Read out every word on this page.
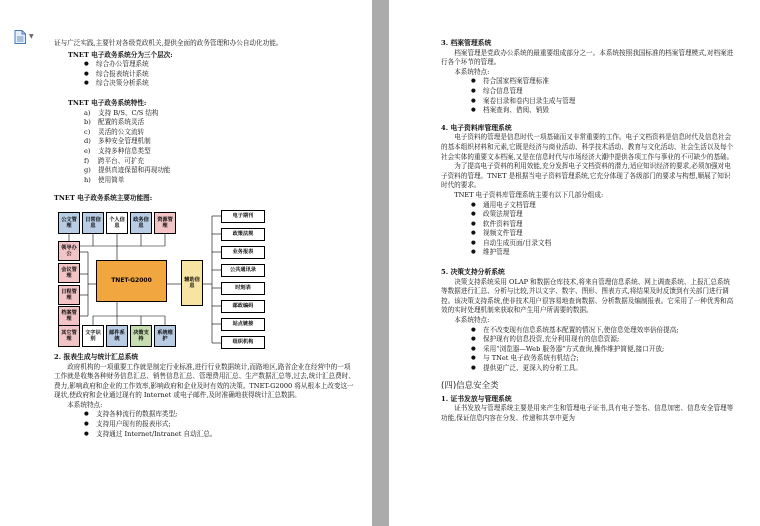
▼

证与广泛实践,主要针对各级党政机关,提供全面的政务管理和办公自动化功能。

TNET 电子政务系统分为三个层次:

● 综合办公管理系统
● 综合报表统计系统
● 综合决策分析系统

TNET 电子政务系统特性:

a) 支持 B/S、C/S 结构
b) 配置的系统灵活
c) 灵活的公文流转
d) 多种安全管理机制
e) 支持多种信息类型
f) 跨平台、可扩充
g) 提供真迹保留和再现功能
h) 使用简单

TNET 电子政务系统主要功能图:

公文管理
日常信息
个人信息
政务信息
资源管理
领导办公
会议管理
日程管理
档案管理
TNET-G2000	辅助信息
其它管理
文字识别
邮件系统
决策支持
系统维护
电子期刊
政策法规
业务报表
公共通讯录
时刻表
邮政编码
站点链接
组织机构

2. 报表生成与统计汇总系统

政府机构的一项重要工作就是制定行业标准,进行行业数据统计,而路地区,路省企业在经营中的一项工作就是收集各种财务信息汇总、销售信息汇总、管理费用汇总、生产数据汇总等,过去,统计汇总费时、费力,影响政府和企业的工作效率,影响政府和企业及时有效的决策。TNET-G2000 将从根本上改变这一现状,使政府和企业通过现有的 Internet 或电子邮件,及时准确地获得统计汇总数据。

本系统特点:

● 支持各种流行的数据库类型;
● 支持用户现有的报表形式;
● 支持通过 Internet/Intranet 自动汇总。

3. 档案管理系统

档案管理是党政办公系统的最重要组成部分之一。本系统按照我国标准的档案管理模式,对档案进行各个环节的管理。

本系统特点:

● 符合国家档案管理标准
● 综合信息管理
● 案卷目录和卷内目录生成与管理
● 档案查询、借阅、销毁

4. 电子资料库管理系统

电子资料的管理是信息时代一项基础而又非常重要的工作。电子文档资料是信息时代及信息社会的基本组织材料和元素,它既是经济与商业活动、科学技术活动、教育与文化活动、社会生活以及每个社会实体的重要文本档案,又是在信息时代与市场经济大潮中提供各项工作与事业的不可缺少的基础。

为了提高电子资料的利用效能,充分发挥电子文档资料的潜力,适应知识经济的要求,必须加强对电子资料的管理。TNET 是根据当电子资料管理系统,它充分体现了各级部门的要求与构想,顺展了知识时代的要求。

TNET 电子资料库管理系统主要有以下几部分组成:

● 通用电子文档管理
● 政策法规管理
● 软件资料管理
● 视频文件管理
● 自动生成页面/目录文档
● 维护管理

5. 决策支持分析系统

决策支持系统采用 OLAP 和数据仓库技术,将来自管理信息系统、网上调查系统、上报汇总系统等数据进行汇总、分析与比较,并以文字、数字、图形、图表方式,将结果及时反馈到有关部门进行调控。该决策支持系统,使非技术用户很容易地查询数据、分析数据及编制报表。它采用了一种优秀和高效的实时处理机制来获取和产生用户所需要的数据。

本系统特点:

● 在不改变现有信息系统基本配置的情况下,使信息处理效率倍倍提高;
● 保护现有的信息投资,充分利用现有的信息资源;
● 采用“浏览器—Web 服务器”方式查询,操作维护简便,接口开放;
● 与 TNet 电子政务系统有机结合;
● 提供更广泛、更深入的分析工具。

(四)信息安全类

1. 证书发放与管理系统

证书发放与管理系统主要是用来产生和管理电子证书,具有电子签名、信息加密、信息安全管理等功能,保证信息内容在分发、传递和共享中更为
